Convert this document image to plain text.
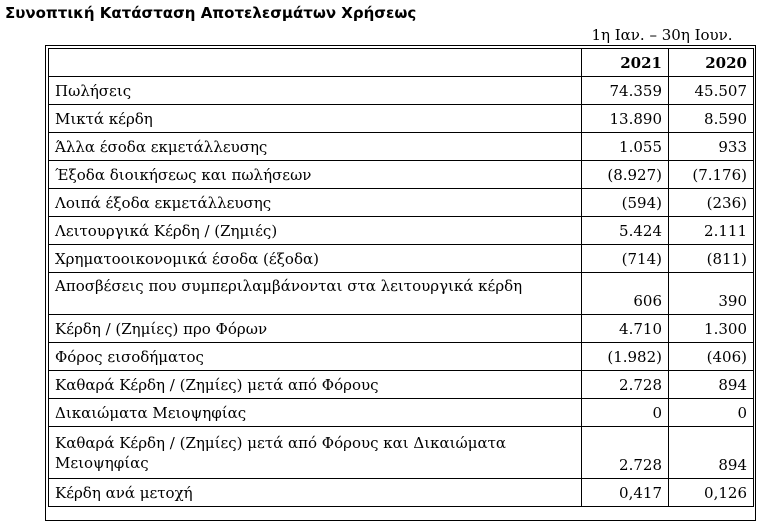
Συνοπτική Κατάσταση Αποτελεσμάτων Χρήσεως
1η Ιαν. – 30η Ιουν.
	2021	2020
Πωλήσεις	74.359	45.507
Μικτά κέρδη	13.890	8.590
Άλλα έσοδα εκμετάλλευσης	1.055	933
Έξοδα διοικήσεως και πωλήσεων	(8.927)	(7.176)
Λοιπά έξοδα εκμετάλλευσης	(594)	(236)
Λειτουργικά Κέρδη / (Ζημιές)	5.424	2.111
Χρηματοοικονομικά έσοδα (έξοδα)	(714)	(811)
Αποσβέσεις που συμπεριλαμβάνονται στα λειτουργικά κέρδη	606	390
Κέρδη / (Ζημίες) προ Φόρων	4.710	1.300
Φόρος εισοδήματος	(1.982)	(406)
Καθαρά Κέρδη / (Ζημίες) μετά από Φόρους	2.728	894
Δικαιώματα Μειοψηφίας	0	0
Καθαρά Κέρδη / (Ζημίες) μετά από Φόρους και Δικαιώματα Μειοψηφίας	2.728	894
Κέρδη ανά μετοχή	0,417	0,126
